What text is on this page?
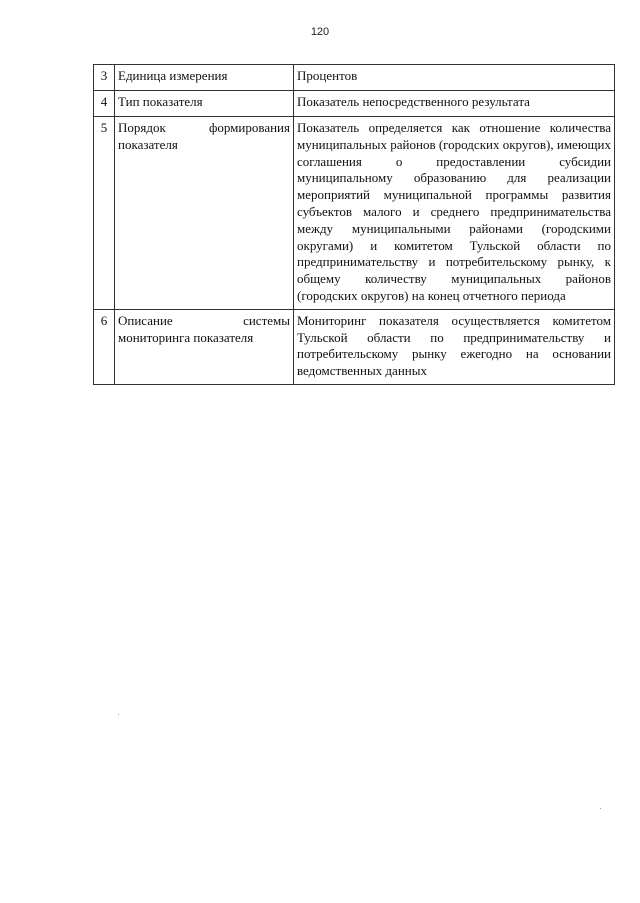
120
3	Единица измерения	Процентов
4	Тип показателя	Показатель непосредственного результата
5	Порядок формирования показателя	Показатель определяется как отношение количества муниципальных районов (городских округов), имеющих соглашения о предоставлении субсидии муниципальному образованию для реализации мероприятий муниципальной программы развития субъектов малого и среднего предпринимательства между муниципальными районами (городскими округами) и комитетом Тульской области по предпринимательству и потребительскому рынку, к общему количеству муниципальных районов (городских округов) на конец отчетного периода
6	Описание системы мониторинга показателя	Мониторинг показателя осуществляется комитетом Тульской области по предпринимательству и потребительскому рынку ежегодно на основании ведомственных данных
